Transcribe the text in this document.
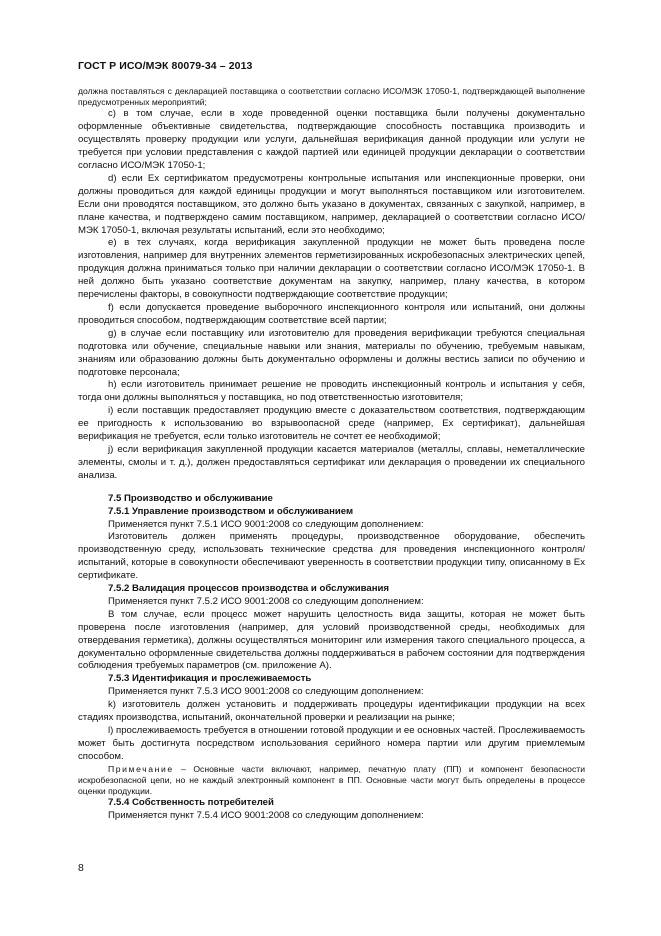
ГОСТ Р ИСО/МЭК 80079-34 – 2013

должна поставляться с декларацией поставщика о соответствии согласно ИСО/МЭК 17050-1, подтверждающей выполнение предусмотренных мероприятий;

c) в том случае, если в ходе проведенной оценки поставщика были получены документально оформленные объективные свидетельства, подтверждающие способность поставщика производить и осуществлять проверку продукции или услуги, дальнейшая верификация данной продукции или услуги не требуется при условии представления с каждой партией или единицей продукции декларации о соответствии согласно ИСО/МЭК 17050-1;

d) если Ex сертификатом предусмотрены контрольные испытания или инспекционные проверки, они должны проводиться для каждой единицы продукции и могут выполняться поставщиком или изготовителем. Если они проводятся поставщиком, это должно быть указано в документах, связанных с закупкой, например, в плане качества, и подтверждено самим поставщиком, например, декларацией о соответствии согласно ИСО/МЭК 17050-1, включая результаты испытаний, если это необходимо;

e) в тех случаях, когда верификация закупленной продукции не может быть проведена после изготовления, например для внутренних элементов герметизированных искробезопасных электрических цепей, продукция должна приниматься только при наличии декларации о соответствии согласно ИСО/МЭК 17050-1. В ней должно быть указано соответствие документам на закупку, например, плану качества, в котором перечислены факторы, в совокупности подтверждающие соответствие продукции;

f) если допускается проведение выборочного инспекционного контроля или испытаний, они должны проводиться способом, подтверждающим соответствие всей партии;

g) в случае если поставщику или изготовителю для проведения верификации требуются специальная подготовка или обучение, специальные навыки или знания, материалы по обучению, требуемым навыкам, знаниям или образованию должны быть документально оформлены и должны вестись записи по обучению и подготовке персонала;

h) если изготовитель принимает решение не проводить инспекционный контроль и испытания у себя, тогда они должны выполняться у поставщика, но под ответственностью изготовителя;

i) если поставщик предоставляет продукцию вместе с доказательством соответствия, подтверждающим ее пригодность к использованию во взрывоопасной среде (например, Ex сертификат), дальнейшая верификация не требуется, если только изготовитель не сочтет ее необходимой;

j) если верификация закупленной продукции касается материалов (металлы, сплавы, неметаллические элементы, смолы и т. д.), должен предоставляться сертификат или декларация о проведении их специального анализа.

7.5 Производство и обслуживание

7.5.1 Управление производством и обслуживанием

Применяется пункт 7.5.1 ИСО 9001:2008 со следующим дополнением:

Изготовитель должен применять процедуры, производственное оборудование, обеспечить производственную среду, использовать технические средства для проведения инспекционного контроля/испытаний, которые в совокупности обеспечивают уверенность в соответствии продукции типу, описанному в Ex сертификате.

7.5.2 Валидация процессов производства и обслуживания

Применяется пункт 7.5.2 ИСО 9001:2008 со следующим дополнением:

В том случае, если процесс может нарушить целостность вида защиты, которая не может быть проверена после изготовления (например, для условий производственной среды, необходимых для отвердевания герметика), должны осуществляться мониторинг или измерения такого специального процесса, а документально оформленные свидетельства должны поддерживаться в рабочем состоянии для подтверждения соблюдения требуемых параметров (см. приложение А).

7.5.3 Идентификация и прослеживаемость

Применяется пункт 7.5.3 ИСО 9001:2008 со следующим дополнением:

k) изготовитель должен установить и поддерживать процедуры идентификации продукции на всех стадиях производства, испытаний, окончательной проверки и реализации на рынке;

l) прослеживаемость требуется в отношении готовой продукции и ее основных частей. Прослеживаемость может быть достигнута посредством использования серийного номера партии или другим приемлемым способом.

Примечание – Основные части включают, например, печатную плату (ПП) и компонент безопасности искробезопасной цепи, но не каждый электронный компонент в ПП. Основные части могут быть определены в процессе оценки продукции.

7.5.4 Собственность потребителей

Применяется пункт 7.5.4 ИСО 9001:2008 со следующим дополнением:

8
